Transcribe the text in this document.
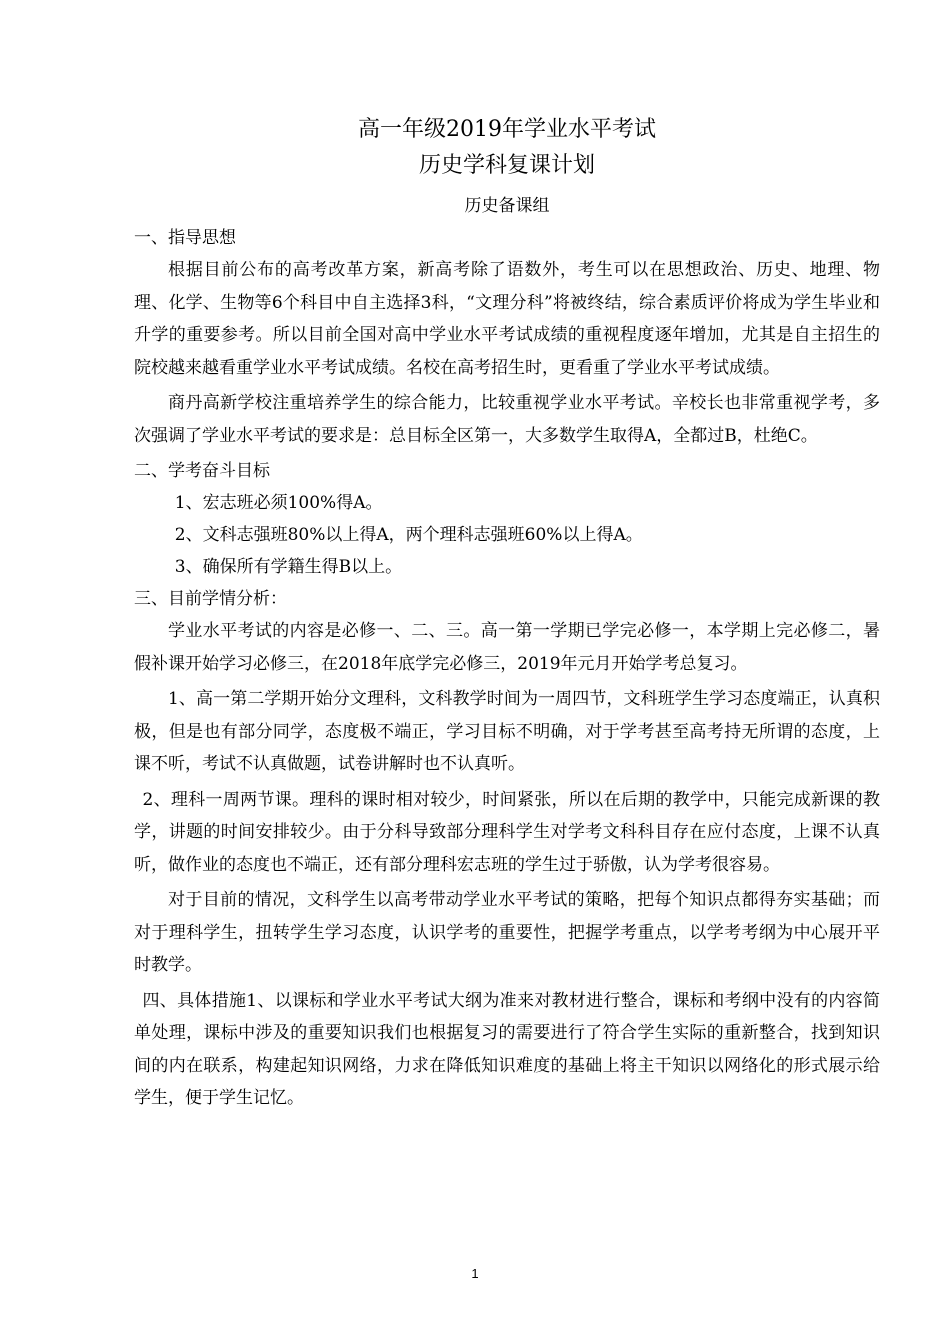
高一年级2019年学业水平考试

历史学科复课计划

历史备课组

一、指导思想

根据目前公布的高考改革方案，新高考除了语数外，考生可以在思想政治、历史、地理、物理、化学、生物等6个科目中自主选择3科，“文理分科”将被终结，综合素质评价将成为学生毕业和升学的重要参考。所以目前全国对高中学业水平考试成绩的重视程度逐年增加，尤其是自主招生的院校越来越看重学业水平考试成绩。名校在高考招生时，更看重了学业水平考试成绩。

商丹高新学校注重培养学生的综合能力，比较重视学业水平考试。辛校长也非常重视学考，多次强调了学业水平考试的要求是：总目标全区第一，大多数学生取得A，全都过B，杜绝C。

二、学考奋斗目标

1、宏志班必须100%得A。

2、文科志强班80%以上得A，两个理科志强班60%以上得A。

3、确保所有学籍生得B以上。

三、目前学情分析：

学业水平考试的内容是必修一、二、三。高一第一学期已学完必修一，本学期上完必修二，暑假补课开始学习必修三，在2018年底学完必修三，2019年元月开始学考总复习。

1、高一第二学期开始分文理科，文科教学时间为一周四节，文科班学生学习态度端正，认真积极，但是也有部分同学，态度极不端正，学习目标不明确，对于学考甚至高考持无所谓的态度，上课不听，考试不认真做题，试卷讲解时也不认真听。

2、理科一周两节课。理科的课时相对较少，时间紧张，所以在后期的教学中，只能完成新课的教学，讲题的时间安排较少。由于分科导致部分理科学生对学考文科科目存在应付态度，上课不认真听，做作业的态度也不端正，还有部分理科宏志班的学生过于骄傲，认为学考很容易。

对于目前的情况，文科学生以高考带动学业水平考试的策略，把每个知识点都得夯实基础；而对于理科学生，扭转学生学习态度，认识学考的重要性，把握学考重点，以学考考纲为中心展开平时教学。

四、具体措施1、以课标和学业水平考试大纲为准来对教材进行整合，课标和考纲中没有的内容简单处理，课标中涉及的重要知识我们也根据复习的需要进行了符合学生实际的重新整合，找到知识间的内在联系，构建起知识网络，力求在降低知识难度的基础上将主干知识以网络化的形式展示给学生，便于学生记忆。

1
